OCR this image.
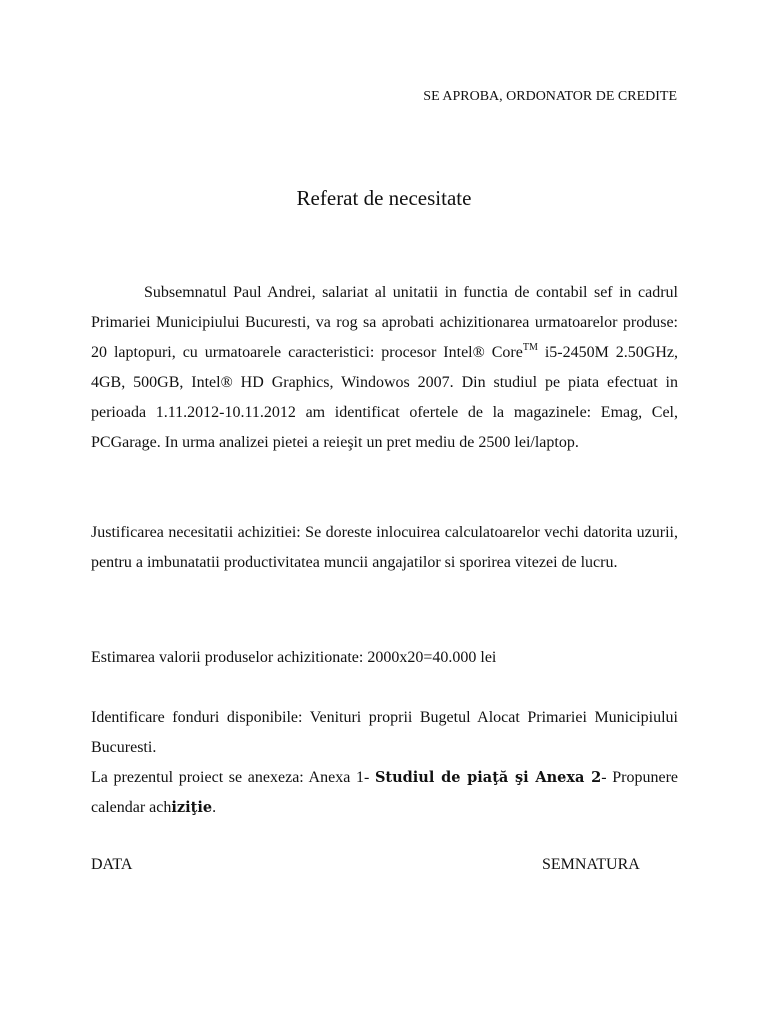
SE APROBA, ORDONATOR DE CREDITE
Referat de necesitate
Subsemnatul Paul Andrei, salariat al unitatii in functia de contabil sef in cadrul Primariei Municipiului Bucuresti, va rog sa aprobati achizitionarea urmatoarelor produse: 20 laptopuri, cu urmatoarele caracteristici: procesor Intel® Core™ i5-2450M 2.50GHz, 4GB, 500GB, Intel® HD Graphics, Windowos 2007. Din studiul pe piata efectuat in perioada 1.11.2012-10.11.2012 am identificat ofertele de la magazinele: Emag, Cel, PCGarage. In urma analizei pietei a reieşit un pret mediu de 2500 lei/laptop.
Justificarea necesitatii achizitiei: Se doreste inlocuirea calculatoarelor vechi datorita uzurii, pentru a imbunatatii productivitatea muncii angajatilor si sporirea vitezei de lucru.
Estimarea valorii produselor achizitionate: 2000x20=40.000 lei
Identificare fonduri disponibile: Venituri proprii Bugetul Alocat Primariei Municipiului Bucuresti.
La prezentul proiect se anexeza: Anexa 1- Studiul de piaţă şi Anexa 2- Propunere calendar achiziţie.
DATA	SEMNATURA
